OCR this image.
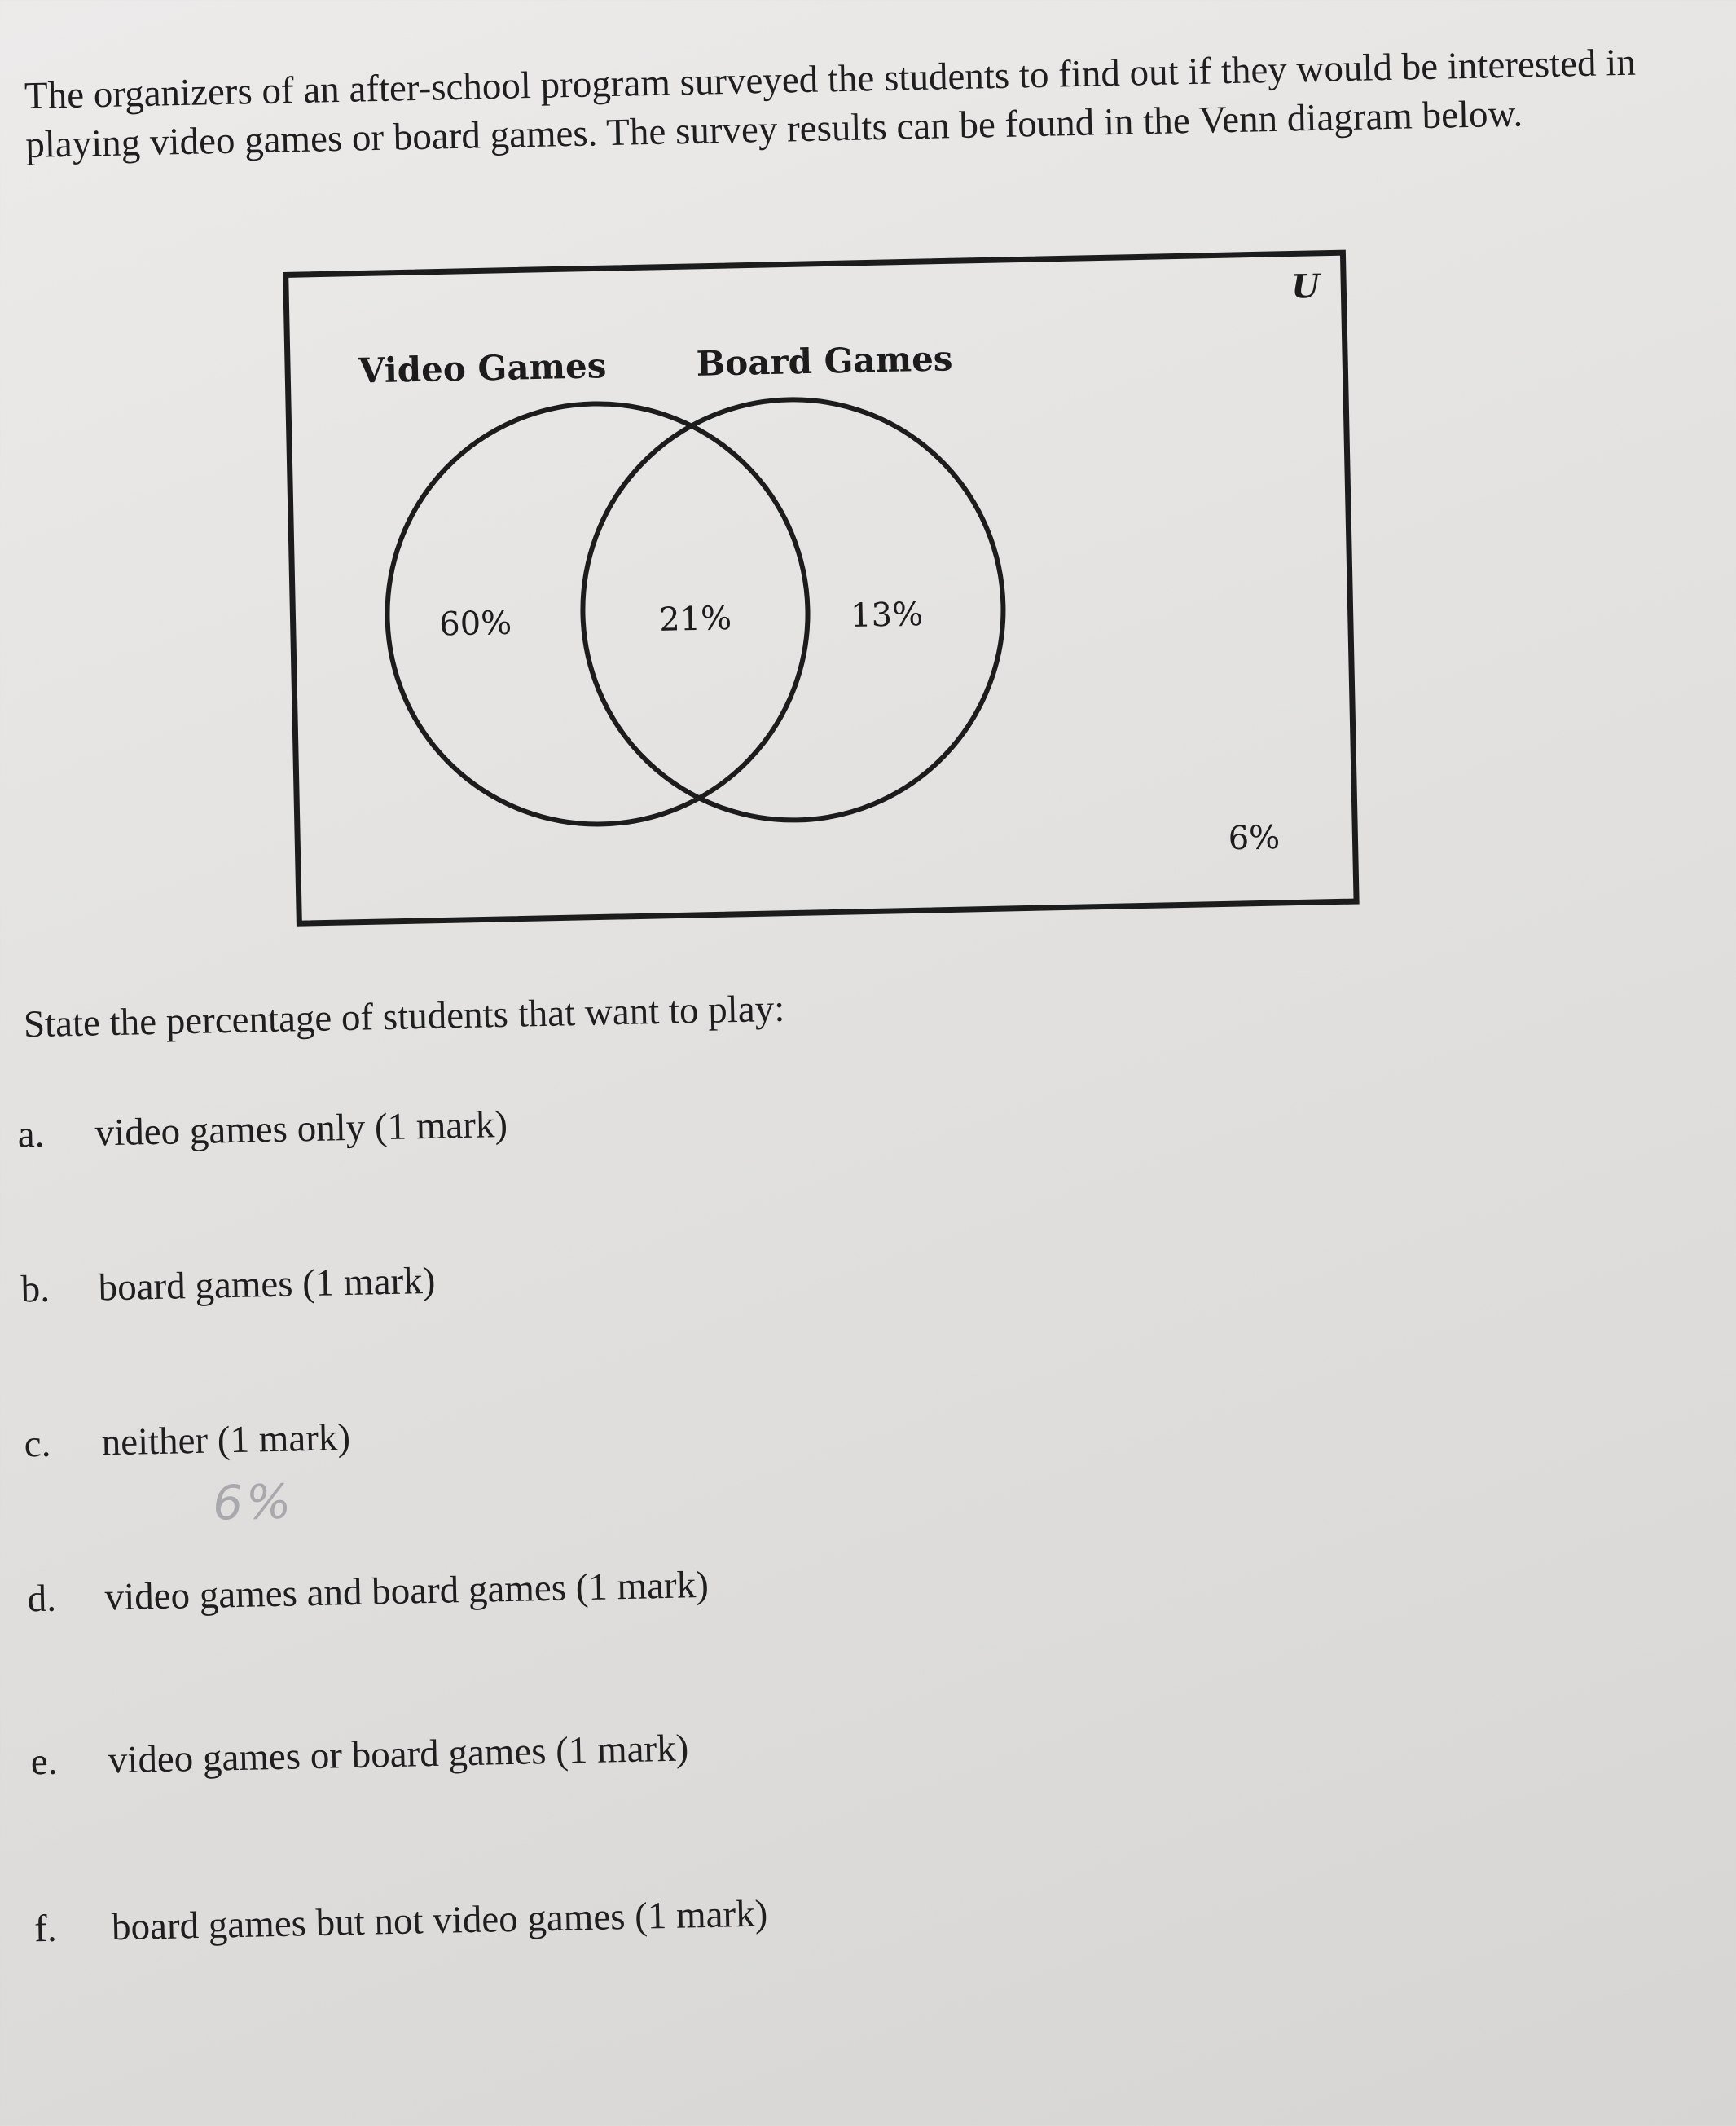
The organizers of an after-school program surveyed the students to find out if they would be interested in playing video games or board games. The survey results can be found in the Venn diagram below.
U
Video Games	Board Games
60%	21%	13%
6%
State the percentage of students that want to play:
a. video games only (1 mark)
b. board games (1 mark)
c. neither (1 mark)
6%
d. video games and board games (1 mark)
e. video games or board games (1 mark)
f. board games but not video games (1 mark)
